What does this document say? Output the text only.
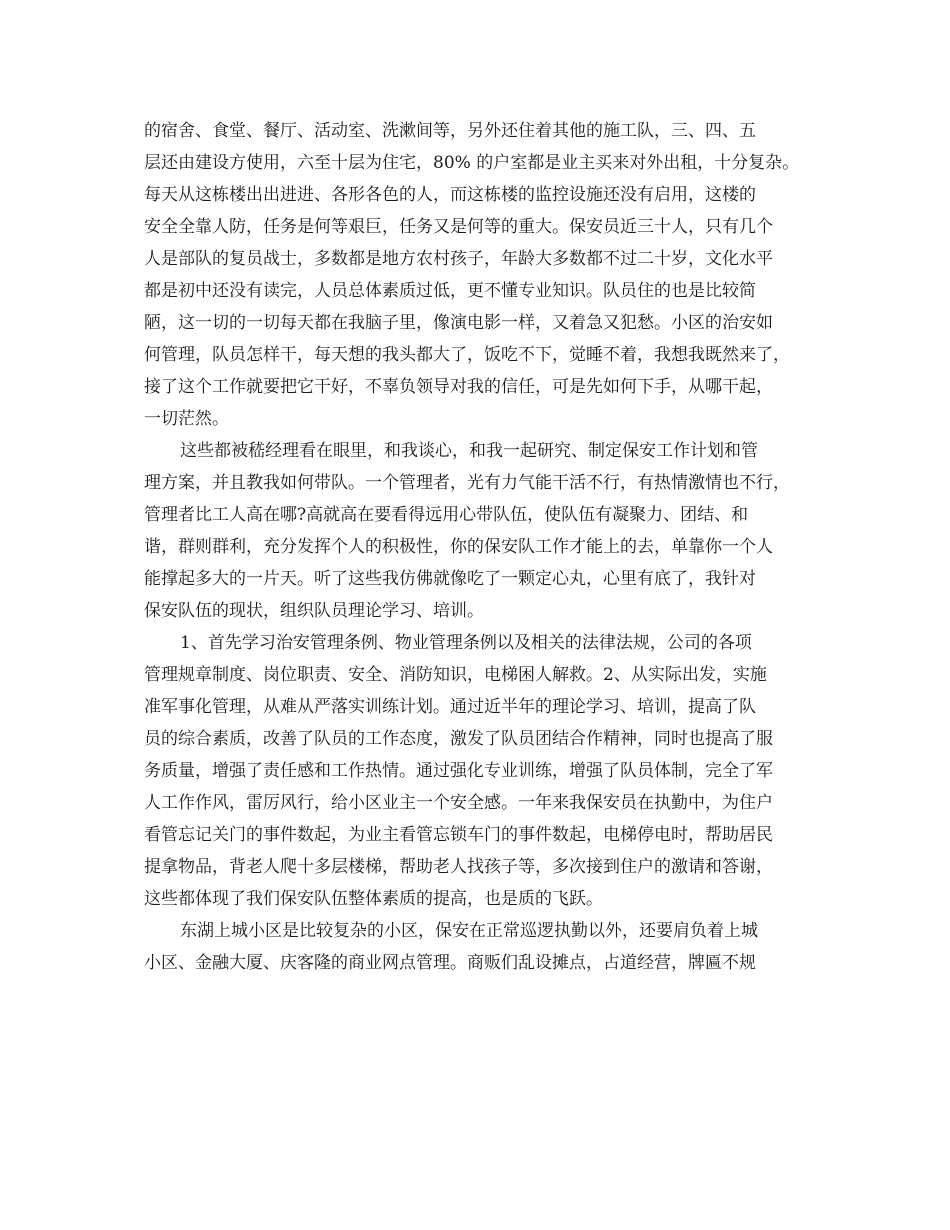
的宿舍、食堂、餐厅、活动室、洗漱间等，另外还住着其他的施工队，三、四、五
层还由建设方使用，六至十层为住宅，80% 的户室都是业主买来对外出租，十分复杂。
每天从这栋楼出出进进、各形各色的人，而这栋楼的监控设施还没有启用，这楼的
安全全靠人防，任务是何等艰巨，任务又是何等的重大。保安员近三十人，只有几个
人是部队的复员战士，多数都是地方农村孩子，年龄大多数都不过二十岁，文化水平
都是初中还没有读完，人员总体素质过低，更不懂专业知识。队员住的也是比较简
陋，这一切的一切每天都在我脑子里，像演电影一样，又着急又犯愁。小区的治安如
何管理，队员怎样干，每天想的我头都大了，饭吃不下，觉睡不着，我想我既然来了，
接了这个工作就要把它干好，不辜负领导对我的信任，可是先如何下手，从哪干起，
一切茫然。
这些都被嵇经理看在眼里，和我谈心，和我一起研究、制定保安工作计划和管
理方案，并且教我如何带队。一个管理者，光有力气能干活不行，有热情激情也不行，
管理者比工人高在哪?高就高在要看得远用心带队伍，使队伍有凝聚力、团结、和
谐，群则群利，充分发挥个人的积极性，你的保安队工作才能上的去，单靠你一个人
能撑起多大的一片天。听了这些我仿佛就像吃了一颗定心丸，心里有底了，我针对
保安队伍的现状，组织队员理论学习、培训。
1、首先学习治安管理条例、物业管理条例以及相关的法律法规，公司的各项
管理规章制度、岗位职责、安全、消防知识，电梯困人解救。2、从实际出发，实施
准军事化管理，从难从严落实训练计划。通过近半年的理论学习、培训，提高了队
员的综合素质，改善了队员的工作态度，激发了队员团结合作精神，同时也提高了服
务质量，增强了责任感和工作热情。通过强化专业训练，增强了队员体制，完全了军
人工作作风，雷厉风行，给小区业主一个安全感。一年来我保安员在执勤中，为住户
看管忘记关门的事件数起，为业主看管忘锁车门的事件数起，电梯停电时，帮助居民
提拿物品，背老人爬十多层楼梯，帮助老人找孩子等，多次接到住户的激请和答谢，
这些都体现了我们保安队伍整体素质的提高，也是质的飞跃。
东湖上城小区是比较复杂的小区，保安在正常巡逻执勤以外，还要肩负着上城
小区、金融大厦、庆客隆的商业网点管理。商贩们乱设摊点，占道经营，牌匾不规
